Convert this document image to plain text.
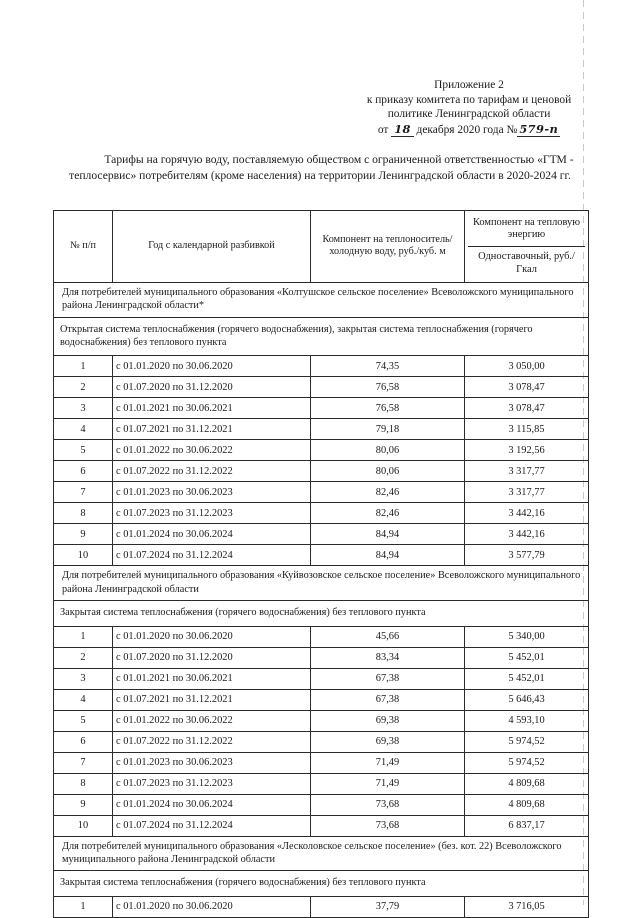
Приложение 2
к приказу комитета по тарифам и ценовой
политике Ленинградской области
от 18 декабря 2020 года № 579-п
Тарифы на горячую воду, поставляемую обществом с ограниченной ответственностью «ГТМ - теплосервис» потребителям (кроме населения) на территории Ленинградской области в 2020-2024 гг.
№ п/п	Год с календарной разбивкой	Компонент на теплоноситель/ холодную воду, руб./куб. м	Компонент на тепловую энергию
Одноставочный, руб./Гкал

Для потребителей муниципального образования «Колтушское сельское поселение» Всеволожского муниципального района Ленинградской области*			
Открытая система теплоснабжения (горячего водоснабжения), закрытая система теплоснабжения (горячего водоснабжения) без теплового пункта			
1	с 01.01.2020 по 30.06.2020	74,35	3 050,00
2	с 01.07.2020 по 31.12.2020	76,58	3 078,47
3	с 01.01.2021 по 30.06.2021	76,58	3 078,47
4	с 01.07.2021 по 31.12.2021	79,18	3 115,85
5	с 01.01.2022 по 30.06.2022	80,06	3 192,56
6	с 01.07.2022 по 31.12.2022	80,06	3 317,77
7	с 01.01.2023 по 30.06.2023	82,46	3 317,77
8	с 01.07.2023 по 31.12.2023	82,46	3 442,16
9	с 01.01.2024 по 30.06.2024	84,94	3 442,16
10	с 01.07.2024 по 31.12.2024	84,94	3 577,79
Для потребителей муниципального образования «Куйвозовское сельское поселение» Всеволожского муниципального района Ленинградской области			
Закрытая система теплоснабжения (горячего водоснабжения) без теплового пункта			
1	с 01.01.2020 по 30.06.2020	45,66	5 340,00
2	с 01.07.2020 по 31.12.2020	83,34	5 452,01
3	с 01.01.2021 по 30.06.2021	67,38	5 452,01
4	с 01.07.2021 по 31.12.2021	67,38	5 646,43
5	с 01.01.2022 по 30.06.2022	69,38	4 593,10
6	с 01.07.2022 по 31.12.2022	69,38	5 974,52
7	с 01.01.2023 по 30.06.2023	71,49	5 974,52
8	с 01.07.2023 по 31.12.2023	71,49	4 809,68
9	с 01.01.2024 по 30.06.2024	73,68	4 809,68
10	с 01.07.2024 по 31.12.2024	73,68	6 837,17
Для потребителей муниципального образования «Лесколовское сельское поселение» (без. кот. 22) Всеволожского муниципального района Ленинградской области			
Закрытая система теплоснабжения (горячего водоснабжения) без теплового пункта			
1	с 01.01.2020 по 30.06.2020	37,79	3 716,05
